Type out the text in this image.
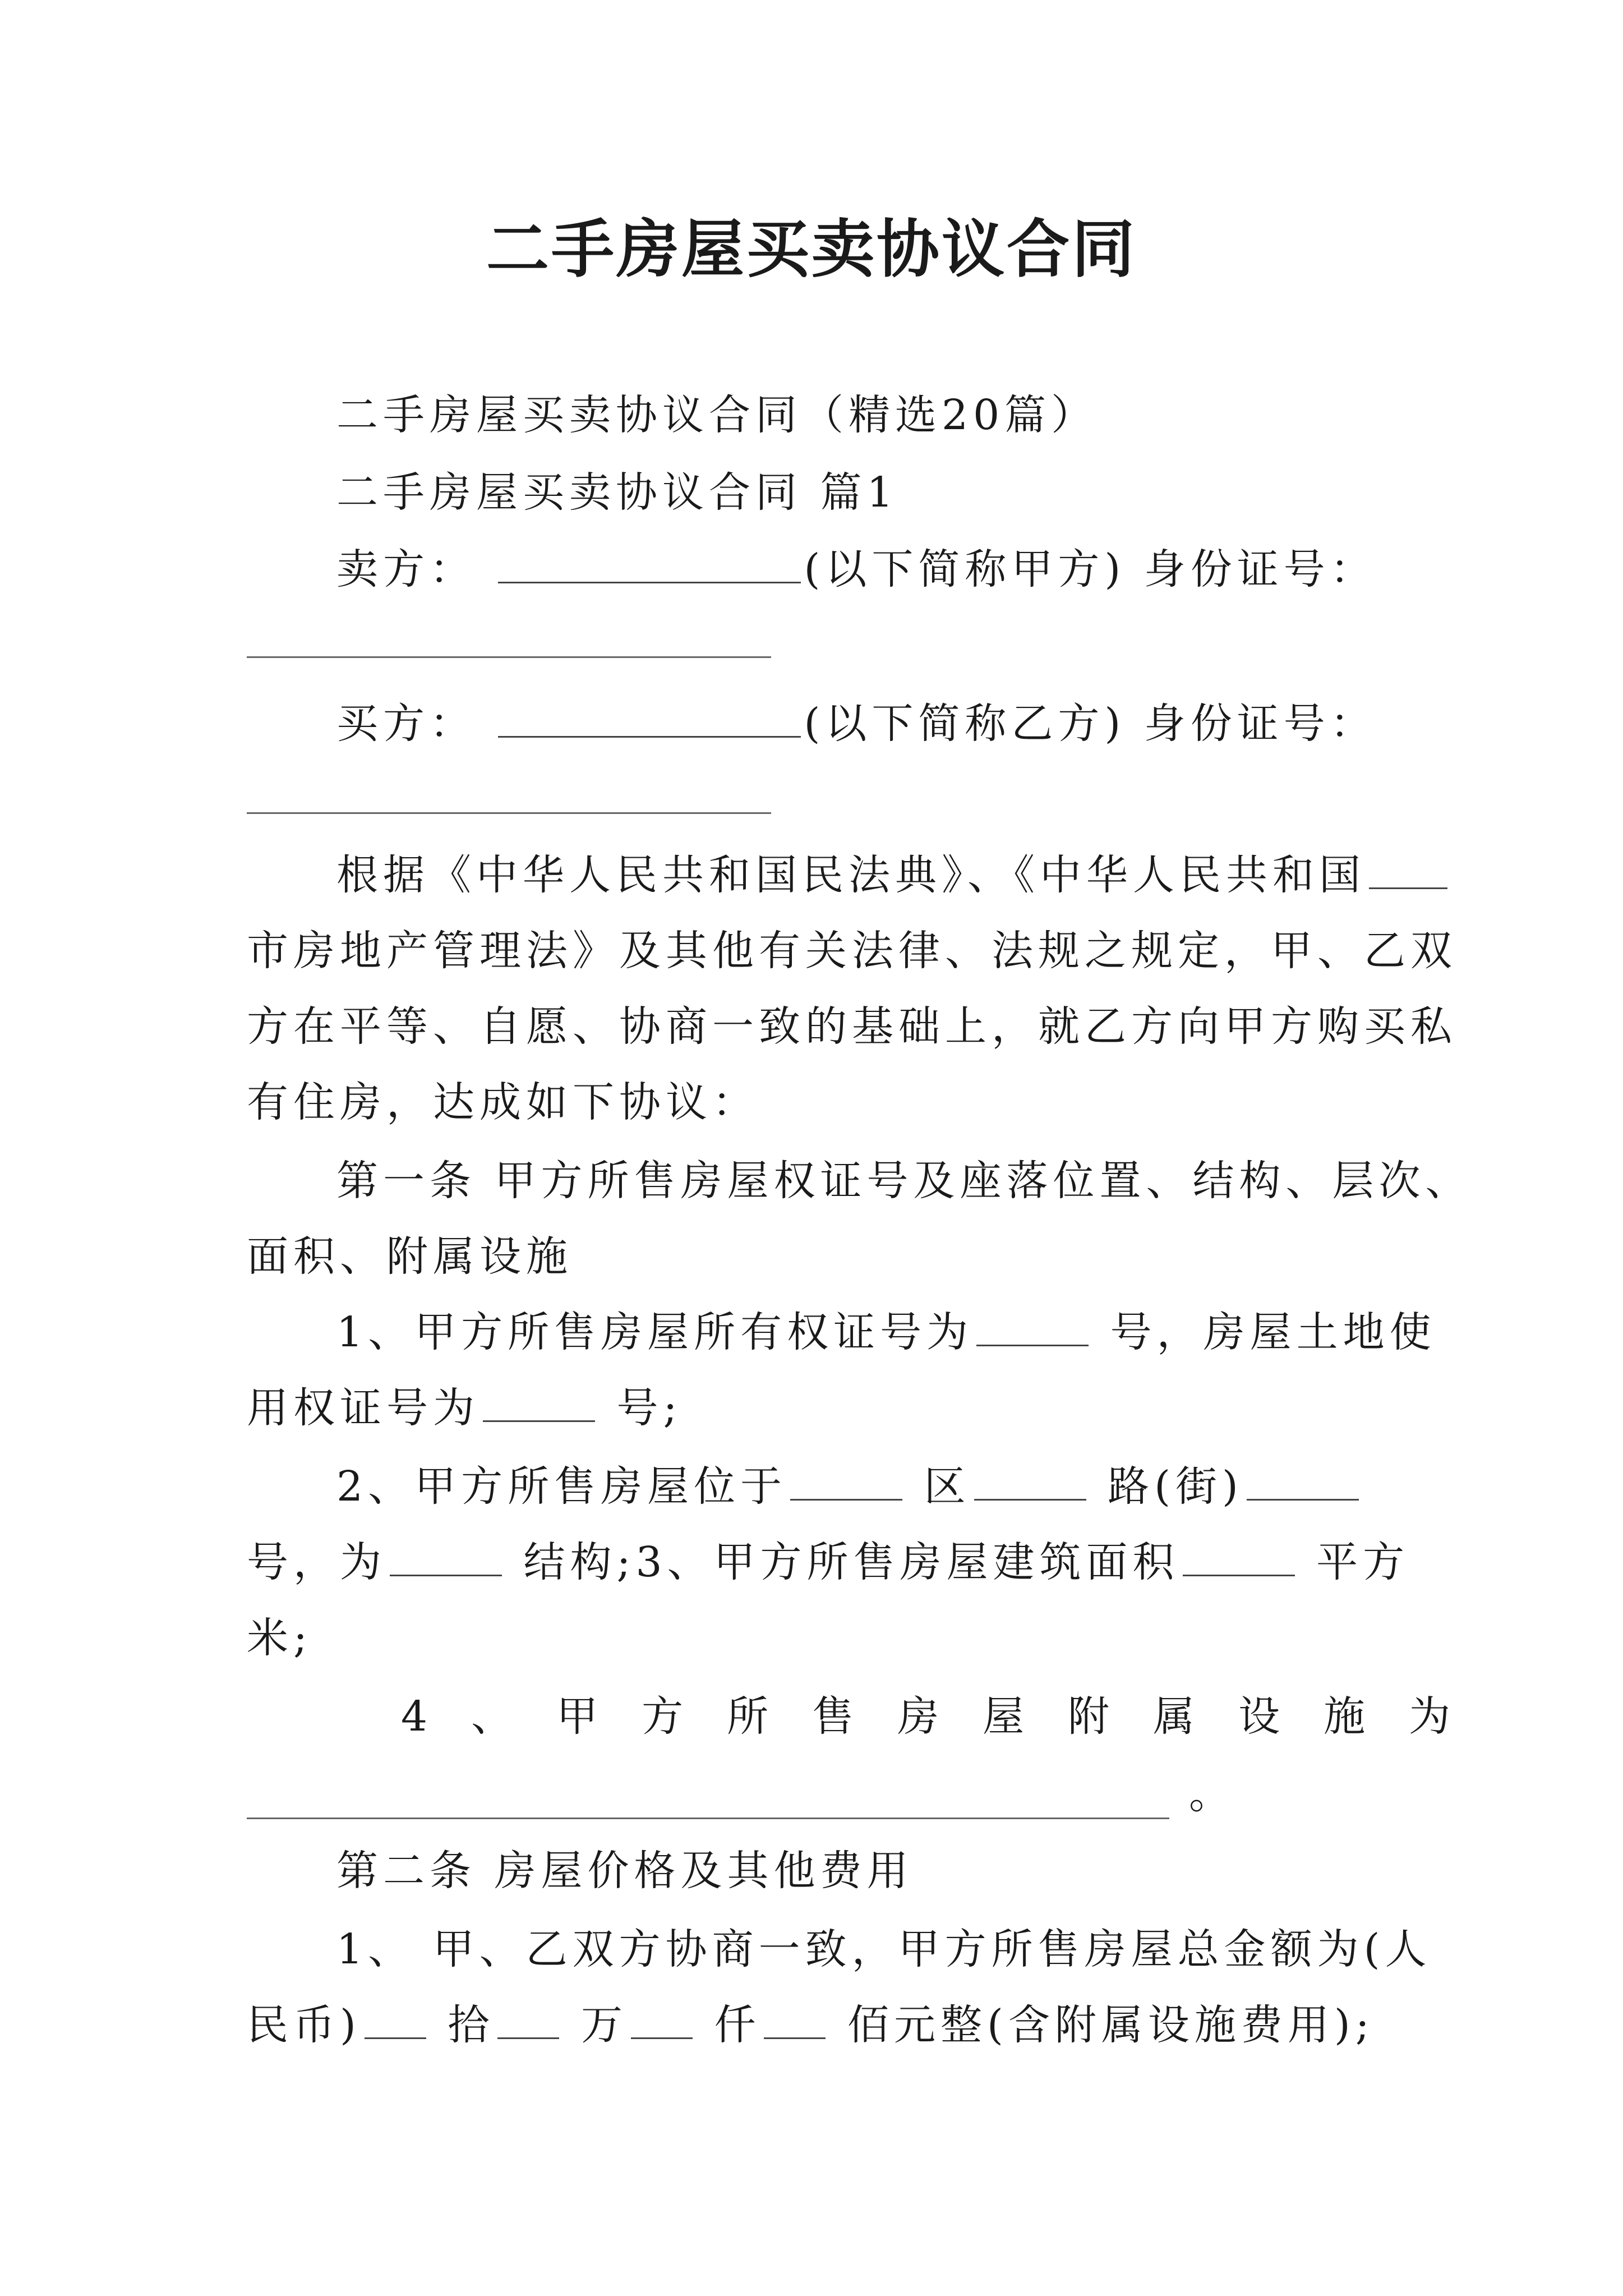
二手房屋买卖协议合同
二手房屋买卖协议合同（精选20篇）
二手房屋买卖协议合同 篇1
卖方：	(以下简称甲方) 身份证号：
买方：	(以下简称乙方) 身份证号：
根据《中华人民共和国民法典》、《中华人民共和国
市房地产管理法》及其他有关法律、法规之规定，甲、乙双
方在平等、自愿、协商一致的基础上，就乙方向甲方购买私
有住房，达成如下协议：
第一条 甲方所售房屋权证号及座落位置、结构、层次、
面积、附属设施
1、甲方所售房屋所有权证号为	号，房屋土地使
用权证号为	号;
2、甲方所售房屋位于	区	路(街)
号，为	结构;3、甲方所售房屋建筑面积	平方
米;
4、甲方所售房屋附属设施为
。
第二条 房屋价格及其他费用
1、 甲、乙双方协商一致，甲方所售房屋总金额为(人
民币) 拾 万 仟 佰元整(含附属设施费用);
